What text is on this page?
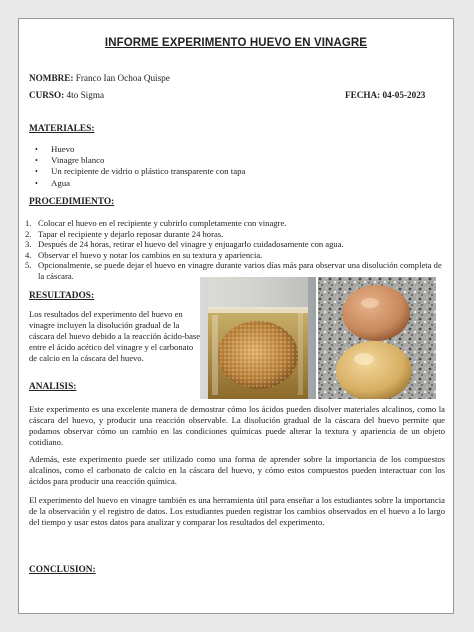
INFORME EXPERIMENTO HUEVO EN VINAGRE
NOMBRE: Franco Ian Ochoa Quispe
CURSO: 4to Sigma	FECHA: 04-05-2023
MATERIALES:
• Huevo
• Vinagre blanco
• Un recipiente de vidrio o plástico transparente con tapa
• Agua
PROCEDIMIENTO:
1. Colocar el huevo en el recipiente y cubrirlo completamente con vinagre.
2. Tapar el recipiente y dejarlo reposar durante 24 horas.
3. Después de 24 horas, retirar el huevo del vinagre y enjuagarlo cuidadosamente con agua.
4. Observar el huevo y notar los cambios en su textura y apariencia.
5. Opcionalmente, se puede dejar el huevo en vinagre durante varios días más para observar una disolución completa de la cáscara.
RESULTADOS:
Los resultados del experimento del huevo en vinagre incluyen la disolución gradual de la cáscara del huevo debido a la reacción ácido-base entre el ácido acético del vinagre y el carbonato de calcio en la cáscara del huevo.
ANALISIS:
Este experimento es una excelente manera de demostrar cómo los ácidos pueden disolver materiales alcalinos, como la cáscara del huevo, y producir una reacción observable. La disolución gradual de la cáscara del huevo permite que podamos observar cómo un cambio en las condiciones químicas puede alterar la textura y apariencia de un objeto cotidiano.
Además, este experimento puede ser utilizado como una forma de aprender sobre la importancia de los compuestos alcalinos, como el carbonato de calcio en la cáscara del huevo, y cómo estos compuestos pueden interactuar con los ácidos para producir una reacción química.
El experimento del huevo en vinagre también es una herramienta útil para enseñar a los estudiantes sobre la importancia de la observación y el registro de datos. Los estudiantes pueden registrar los cambios observados en el huevo a lo largo del tiempo y usar estos datos para analizar y comparar los resultados del experimento.
CONCLUSION:
